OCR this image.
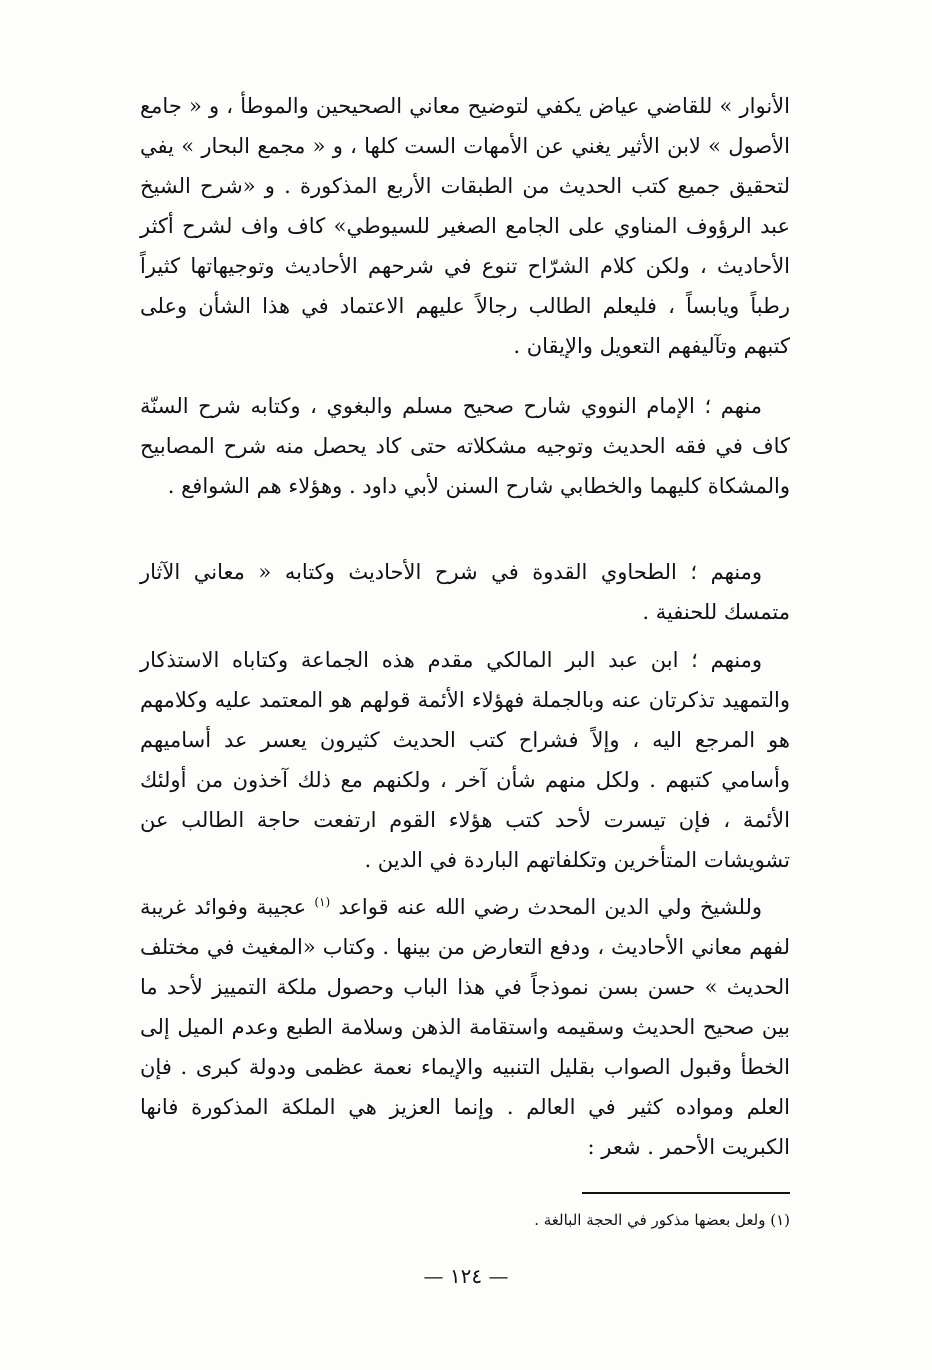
الأنوار » للقاضي عياض يكفي لتوضيح معاني الصحيحين والموطأ ، و « جامع الأصول » لابن الأثير يغني عن الأمهات الست كلها ، و « مجمع البحار » يفي لتحقيق جميع كتب الحديث من الطبقات الأربع المذكورة . و «شرح الشيخ عبد الرؤوف المناوي على الجامع الصغير للسيوطي» كاف واف لشرح أكثر الأحاديث ، ولكن كلام الشرّاح تنوع في شرحهم الأحاديث وتوجيهاتها كثيراً رطباً ويابساً ، فليعلم الطالب رجالاً عليهم الاعتماد في هذا الشأن وعلى كتبهم وتآليفهم التعويل والإيقان .

منهم ؛ الإمام النووي شارح صحيح مسلم والبغوي ، وكتابه شرح السنّة كاف في فقه الحديث وتوجيه مشكلاته حتى كاد يحصل منه شرح المصابيح والمشكاة كليهما والخطابي شارح السنن لأبي داود . وهؤلاء هم الشوافع .

ومنهم ؛ الطحاوي القدوة في شرح الأحاديث وكتابه « معاني الآثار متمسك للحنفية .

ومنهم ؛ ابن عبد البر المالكي مقدم هذه الجماعة وكتاباه الاستذكار والتمهيد تذكرتان عنه وبالجملة فهؤلاء الأئمة قولهم هو المعتمد عليه وكلامهم هو المرجع اليه ، وإلاً فشراح كتب الحديث كثيرون يعسر عد أساميهم وأسامي كتبهم . ولكل منهم شأن آخر ، ولكنهم مع ذلك آخذون من أولئك الأئمة ، فإن تيسرت لأحد كتب هؤلاء القوم ارتفعت حاجة الطالب عن تشويشات المتأخرين وتكلفاتهم الباردة في الدين .

وللشيخ ولي الدين المحدث رضي الله عنه قواعد $^{(١)}$ عجيبة وفوائد غريبة لفهم معاني الأحاديث ، ودفع التعارض من بينها . وكتاب «المغيث في مختلف الحديث » حسن بسن نموذجاً في هذا الباب وحصول ملكة التمييز لأحد ما بين صحيح الحديث وسقيمه واستقامة الذهن وسلامة الطبع وعدم الميل إلى الخطأ وقبول الصواب بقليل التنبيه والإيماء نعمة عظمى ودولة كبرى . فإن العلم ومواده كثير في العالم . وإنما العزيز هي الملكة المذكورة فانها الكبريت الأحمر . شعر :

(١) ولعل بعضها مذكور في الحجة البالغة .
— ١٢٤ —
